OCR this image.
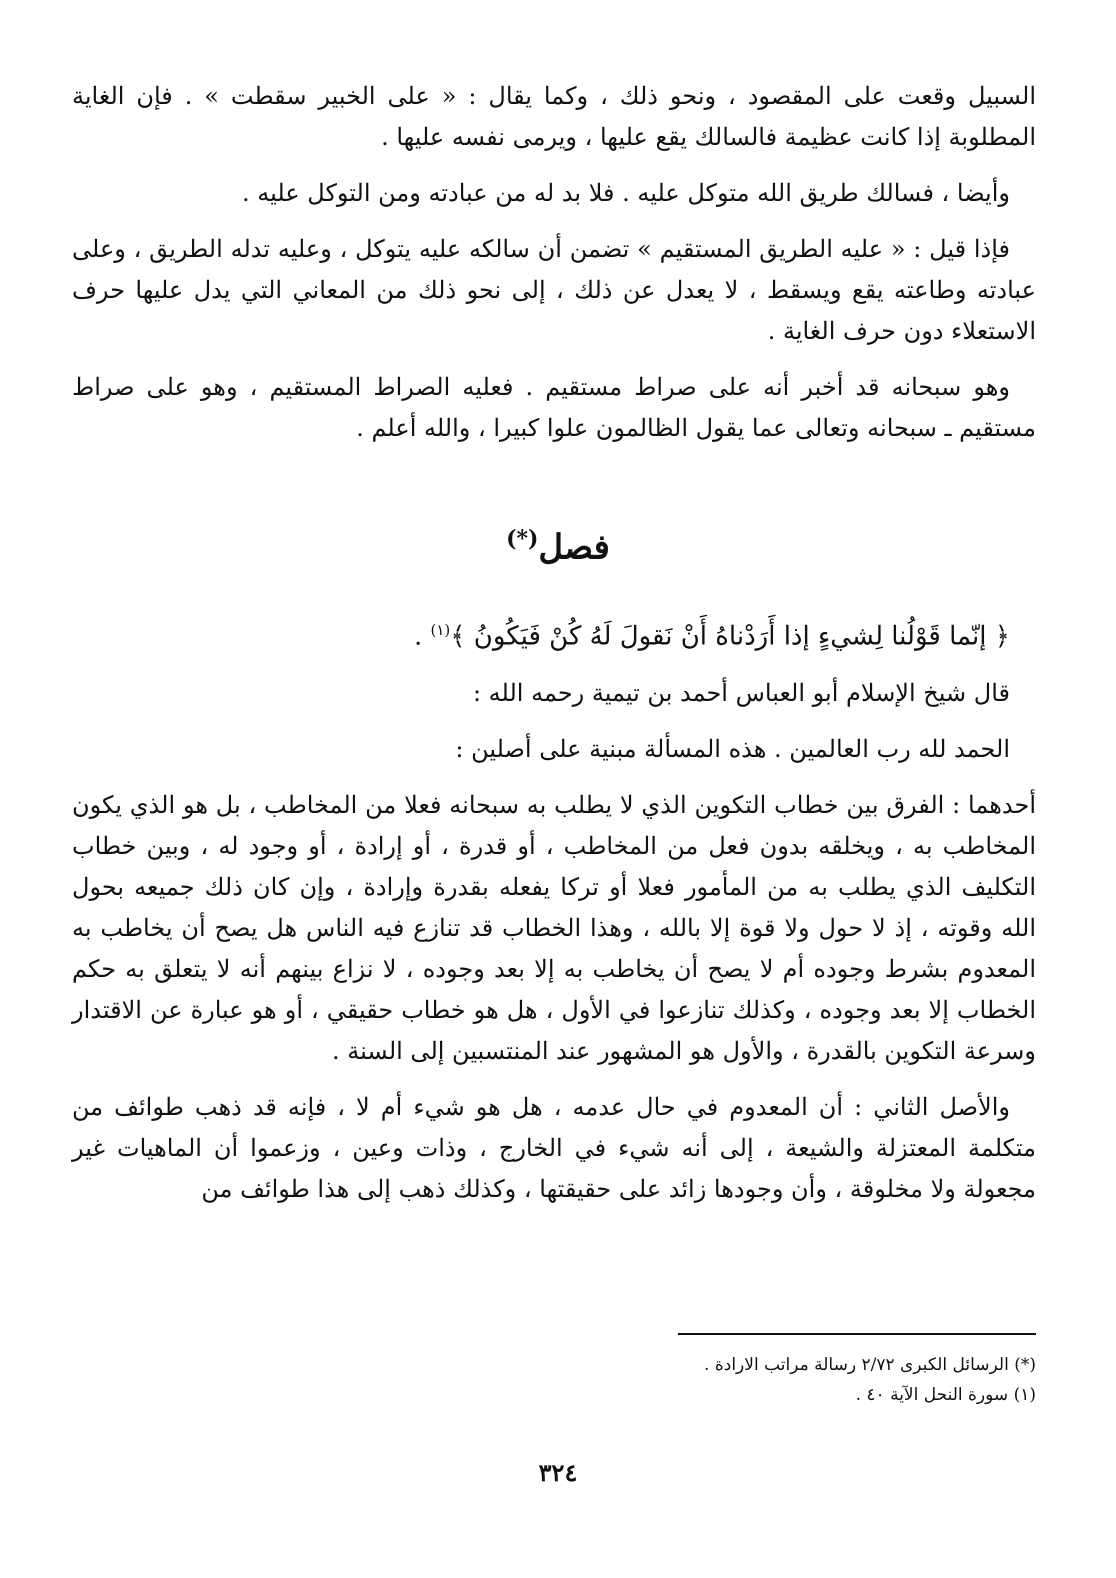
السبيل وقعت على المقصود ، ونحو ذلك ، وكما يقال : « على الخبير سقطت » . فإن الغاية المطلوبة إذا كانت عظيمة فالسالك يقع عليها ، ويرمى نفسه عليها .

وأيضا ، فسالك طريق الله متوكل عليه . فلا بد له من عبادته ومن التوكل عليه .

فإذا قيل : « عليه الطريق المستقيم » تضمن أن سالكه عليه يتوكل ، وعليه تدله الطريق ، وعلى عبادته وطاعته يقع ويسقط ، لا يعدل عن ذلك ، إلى نحو ذلك من المعاني التي يدل عليها حرف الاستعلاء دون حرف الغاية .

وهو سبحانه قد أخبر أنه على صراط مستقيم . فعليه الصراط المستقيم ، وهو على صراط مستقيم ـ سبحانه وتعالى عما يقول الظالمون علوا كبيرا ، والله أعلم .

فصل(*)

﴿ إنّما قَوْلُنا لِشيءٍ إذا أَرَدْناهُ أَنْ نَقولَ لَهُ كُنْ فَيَكُونُ ﴾$^{(١)}$ .

قال شيخ الإسلام أبو العباس أحمد بن تيمية رحمه الله :

الحمد لله رب العالمين . هذه المسألة مبنية على أصلين :

أحدهما : الفرق بين خطاب التكوين الذي لا يطلب به سبحانه فعلا من المخاطب ، بل هو الذي يكون المخاطب به ، ويخلقه بدون فعل من المخاطب ، أو قدرة ، أو إرادة ، أو وجود له ، وبين خطاب التكليف الذي يطلب به من المأمور فعلا أو تركا يفعله بقدرة وإرادة ، وإن كان ذلك جميعه بحول الله وقوته ، إذ لا حول ولا قوة إلا بالله ، وهذا الخطاب قد تنازع فيه الناس هل يصح أن يخاطب به المعدوم بشرط وجوده أم لا يصح أن يخاطب به إلا بعد وجوده ، لا نزاع بينهم أنه لا يتعلق به حكم الخطاب إلا بعد وجوده ، وكذلك تنازعوا في الأول ، هل هو خطاب حقيقي ، أو هو عبارة عن الاقتدار وسرعة التكوين بالقدرة ، والأول هو المشهور عند المنتسبين إلى السنة .

والأصل الثاني : أن المعدوم في حال عدمه ، هل هو شيء أم لا ، فإنه قد ذهب طوائف من متكلمة المعتزلة والشيعة ، إلى أنه شيء في الخارج ، وذات وعين ، وزعموا أن الماهيات غير مجعولة ولا مخلوقة ، وأن وجودها زائد على حقيقتها ، وكذلك ذهب إلى هذا طوائف من

(*) الرسائل الكبرى ٢/٧٢ رسالة مراتب الارادة .
(١) سورة النحل الآية ٤٠ .
٣٢٤
